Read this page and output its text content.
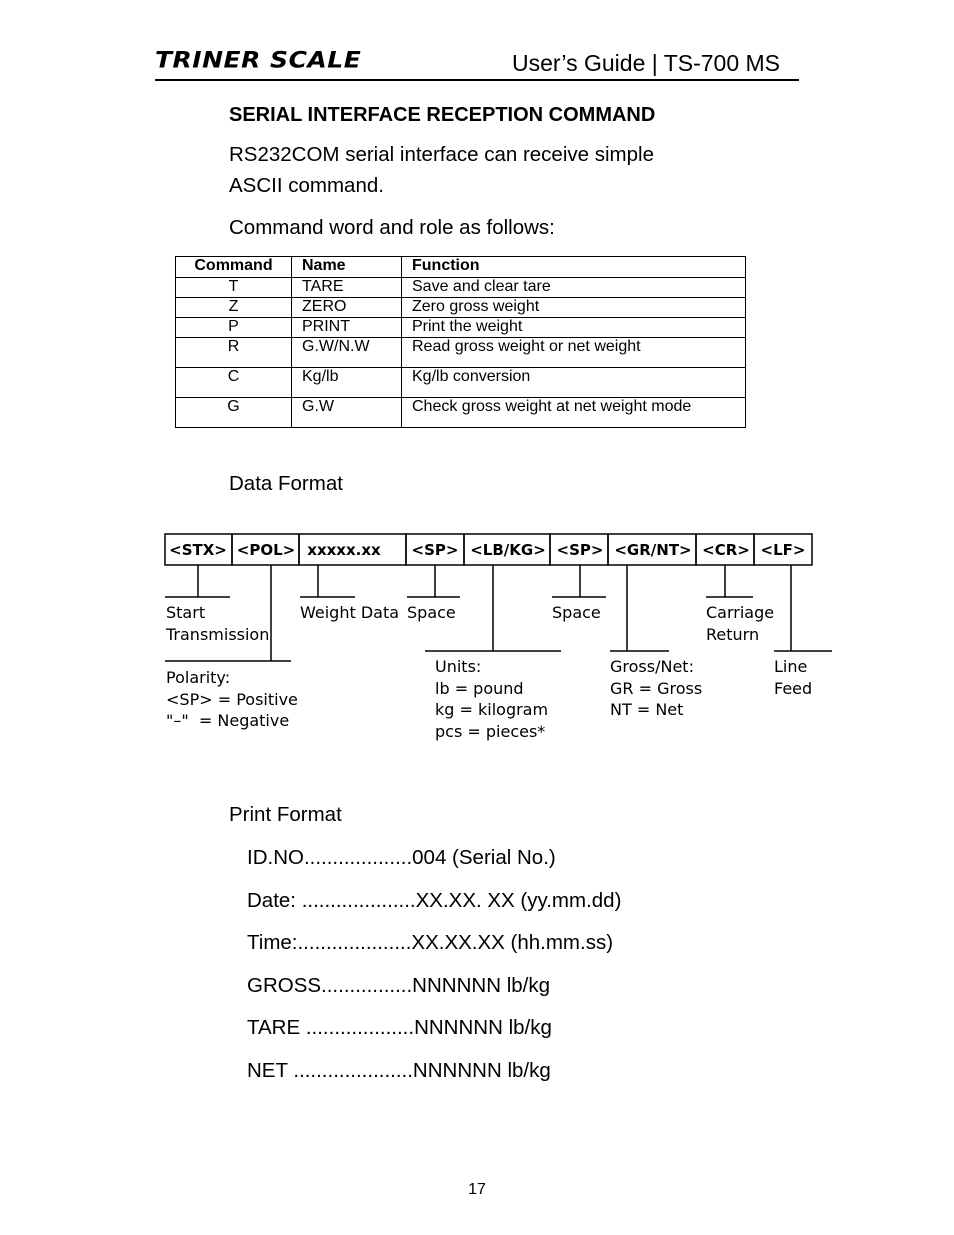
TRINER SCALE	User’s Guide | TS-700 MS
SERIAL INTERFACE RECEPTION COMMAND
RS232COM serial interface can receive simple
ASCII command.
Command word and role as follows:
Command	Name	Function
T	TARE	Save and clear tare
Z	ZERO	Zero gross weight
P	PRINT	Print the weight
R	G.W/N.W	Read gross weight or net weight
C	Kg/lb	Kg/lb conversion
G	G.W	Check gross weight at net weight mode
Data Format
<STX> <POL> xxxxx.xx <SP> <LB/KG> <SP> <GR/NT> <CR> <LF>
Start
Transmission
Weight Data Space	Space	Carriage
Return
Polarity:
<SP> = Positive
"–"  = Negative
Units:
lb = pound
kg = kilogram
pcs = pieces*
Gross/Net:
GR = Gross
NT = Net
Line
Feed
Print Format
ID.NO...................004 (Serial No.)
Date: ....................XX.XX. XX (yy.mm.dd)
Time:....................XX.XX.XX (hh.mm.ss)
GROSS................NNNNNN lb/kg
TARE ...................NNNNNN lb/kg
NET .....................NNNNNN lb/kg
17
